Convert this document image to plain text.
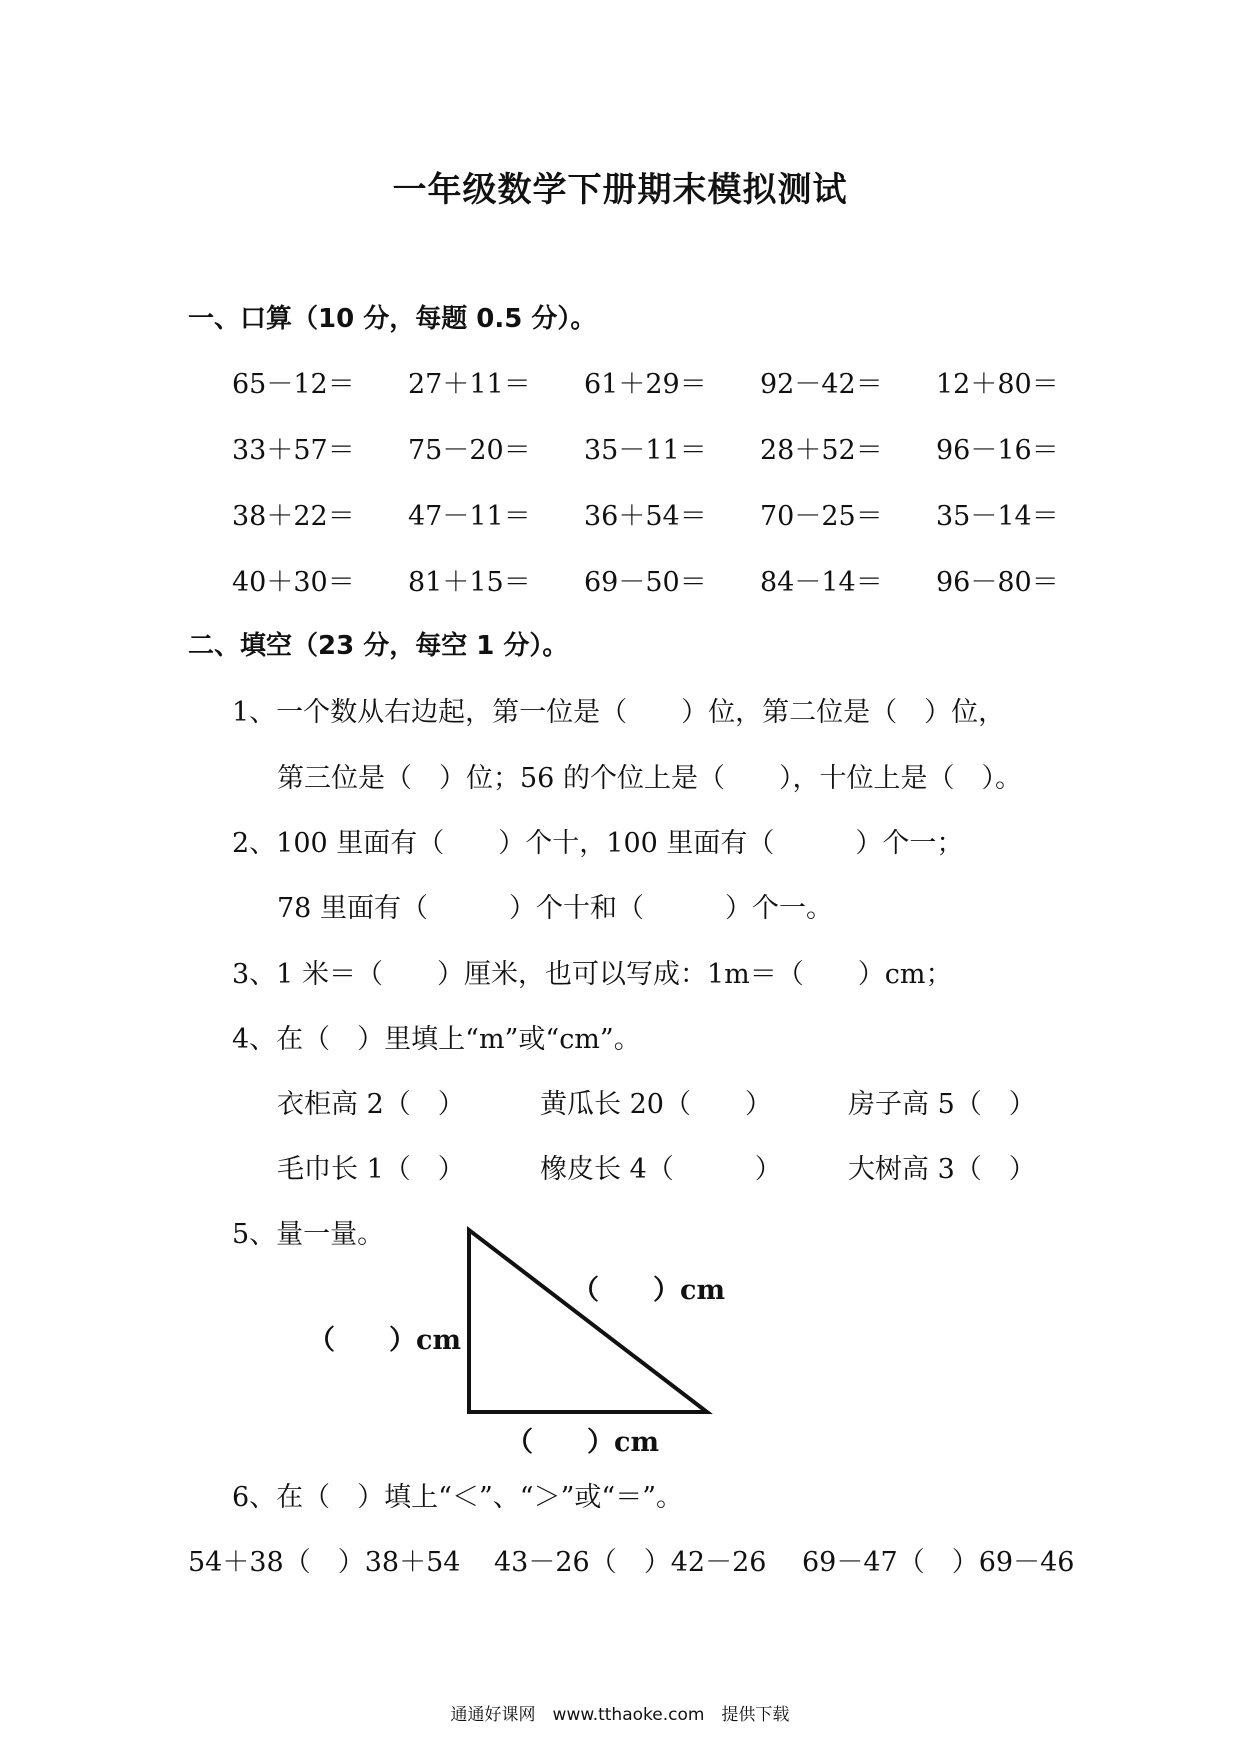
一年级数学下册期末模拟测试
一、口算（10 分，每题 0.5 分）。
65－12＝ 27＋11＝ 61＋29＝ 92－42＝ 12＋80＝
33＋57＝ 75－20＝ 35－11＝ 28＋52＝ 96－16＝
38＋22＝ 47－11＝ 36＋54＝ 70－25＝ 35－14＝
40＋30＝ 81＋15＝ 69－50＝ 84－14＝ 96－80＝
二、填空（23 分，每空 1 分）。
1、一个数从右边起，第一位是（　　）位，第二位是（　）位，
第三位是（　）位；56 的个位上是（　　），十位上是（　）。
2、100 里面有（　　）个十，100 里面有（　　　）个一；
78 里面有（　　　）个十和（　　　）个一。
3、1 米＝（　　）厘米，也可以写成：1m＝（　　）cm；
4、在（　）里填上“m”或“cm”。
衣柜高 2（　）	黄瓜长 20（　　）	房子高 5（　）
毛巾长 1（　）	橡皮长 4（　　　） 大树高 3（　）
5、量一量。
（　　）cm
（　　）cm
（　　）cm
6、在（　）填上“＜”、“＞”或“＝”。
54＋38（　）38＋54 43－26（　）42－26 69－47（　）69－46
通通好课网　www.tthaoke.com　提供下载
